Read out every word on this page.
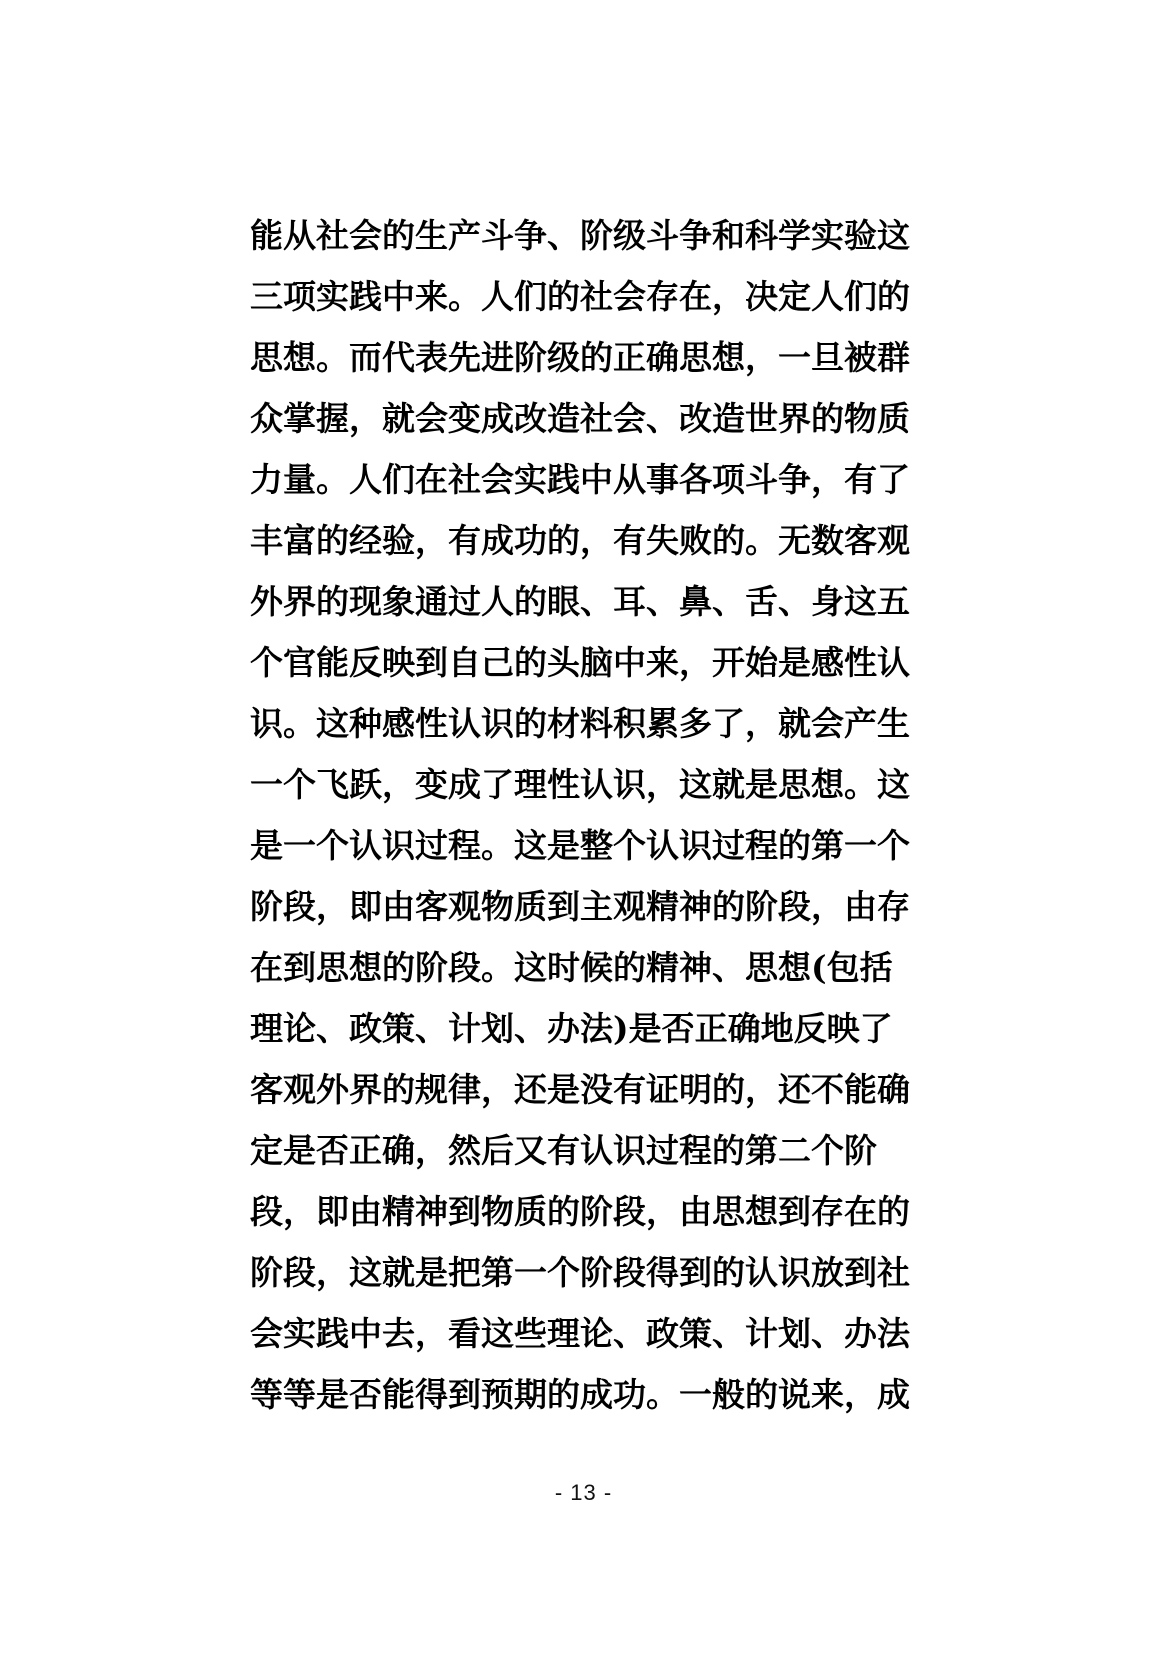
能从社会的生产斗争、阶级斗争和科学实验这
三项实践中来。人们的社会存在，决定人们的
思想。而代表先进阶级的正确思想，一旦被群
众掌握，就会变成改造社会、改造世界的物质
力量。人们在社会实践中从事各项斗争，有了
丰富的经验，有成功的，有失败的。无数客观
外界的现象通过人的眼、耳、鼻、舌、身这五
个官能反映到自己的头脑中来，开始是感性认
识。这种感性认识的材料积累多了，就会产生
一个飞跃，变成了理性认识，这就是思想。这
是一个认识过程。这是整个认识过程的第一个
阶段，即由客观物质到主观精神的阶段，由存
在到思想的阶段。这时候的精神、思想(包括
理论、政策、计划、办法)是否正确地反映了
客观外界的规律，还是没有证明的，还不能确
定是否正确，然后又有认识过程的第二个阶
段，即由精神到物质的阶段，由思想到存在的
阶段，这就是把第一个阶段得到的认识放到社
会实践中去，看这些理论、政策、计划、办法
等等是否能得到预期的成功。一般的说来，成
- 13 -
